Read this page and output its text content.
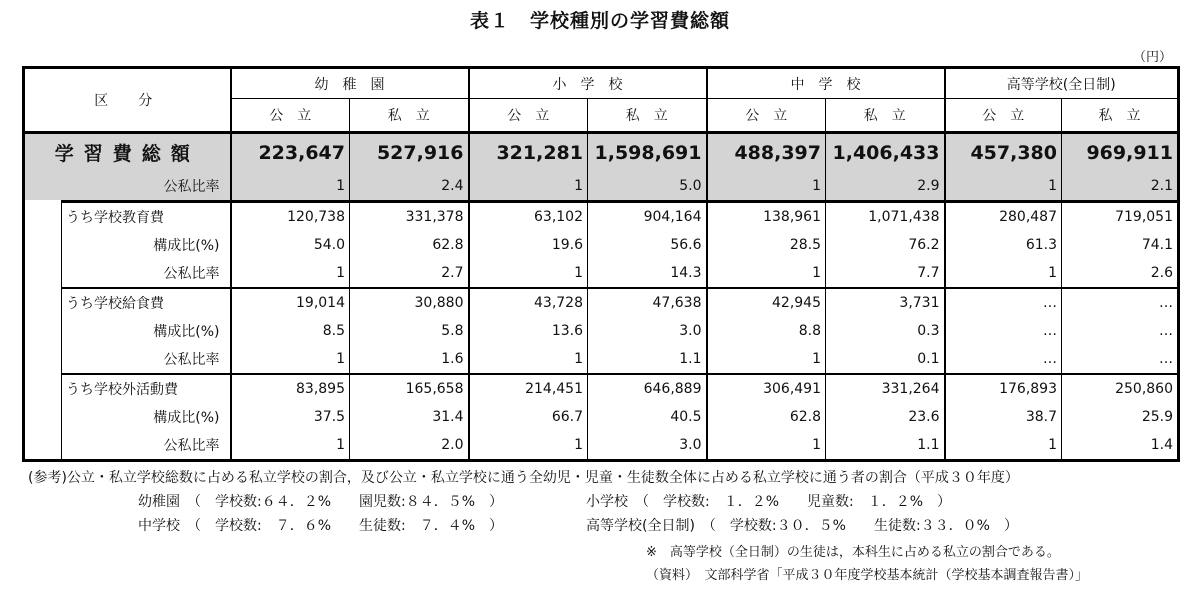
表１　学校種別の学習費総額
（円）
区　分		幼　稚　園		小　学　校		中　学　校		高等学校(全日制)	
		公　立	私　立	公　立	私　立	公　立	私　立	公　立	私　立
学習費総額		223,647	527,916	321,281	1,598,691	488,397	1,406,433	457,380	969,911
公私比率		1	2.4	1	5.0	1	2.9	1	2.1
	うち学校教育費	120,738	331,378	63,102	904,164	138,961	1,071,438	280,487	719,051
	構成比(%)	54.0	62.8	19.6	56.6	28.5	76.2	61.3	74.1
	公私比率	1	2.7	1	14.3	1	7.7	1	2.6
	うち学校給食費	19,014	30,880	43,728	47,638	42,945	3,731	…	…
	構成比(%)	8.5	5.8	13.6	3.0	8.8	0.3	…	…
	公私比率	1	1.6	1	1.1	1	0.1	…	…
	うち学校外活動費	83,895	165,658	214,451	646,889	306,491	331,264	176,893	250,860
	構成比(%)	37.5	31.4	66.7	40.5	62.8	23.6	38.7	25.9
	公私比率	1	2.0	1	3.0	1	1.1	1	1.4
(参考)公立・私立学校総数に占める私立学校の割合，及び公立・私立学校に通う全幼児・児童・生徒数全体に占める私立学校に通う者の割合（平成３０年度）
幼稚園　（　学校数:６４．２%　　園児数:８４．５%　）	小学校　（　学校数:　１．２%　　児童数:　１．２%　）
中学校　（　学校数:　７．６%　　生徒数:　７．４%　）	高等学校(全日制)　（　学校数:３０．５%　　生徒数:３３．０%　）
※　高等学校（全日制）の生徒は，本科生に占める私立の割合である。
（資料）　文部科学省「平成３０年度学校基本統計（学校基本調査報告書）」
